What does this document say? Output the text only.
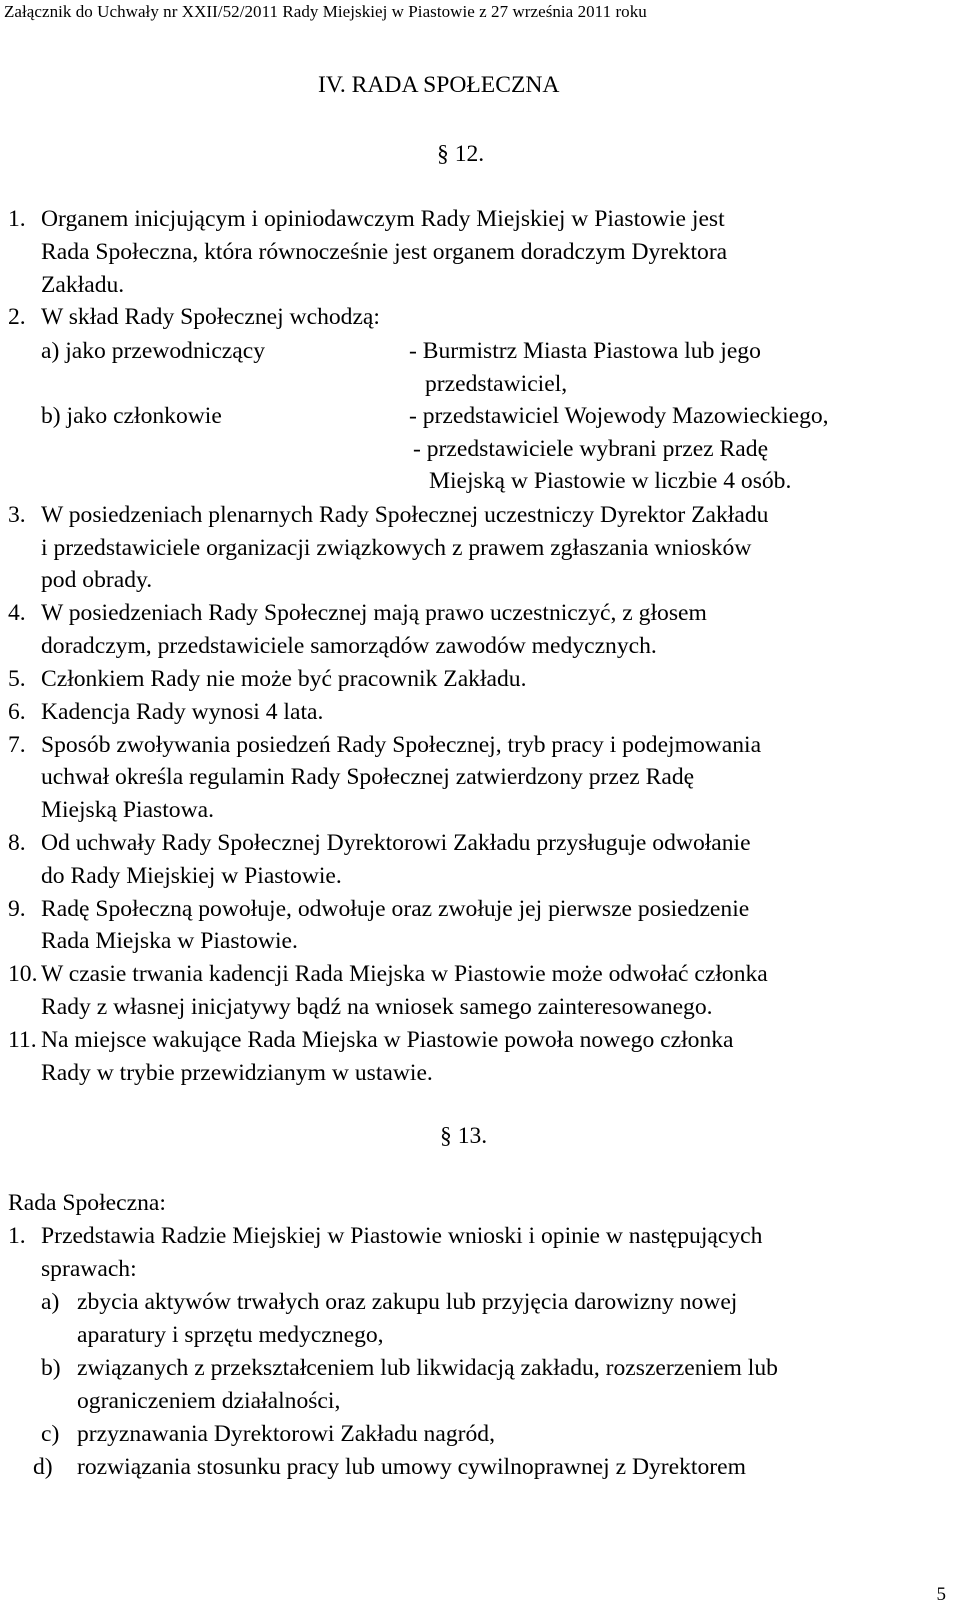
Załącznik do Uchwały nr XXII/52/2011 Rady Miejskiej w Piastowie z 27 września 2011 roku
IV. RADA SPOŁECZNA
§ 12.
1. Organem inicjującym i opiniodawczym Rady Miejskiej w Piastowie jest
Rada Społeczna, która równocześnie jest organem doradczym Dyrektora
Zakładu.
2. W skład Rady Społecznej wchodzą:
a) jako przewodniczący	- Burmistrz Miasta Piastowa lub jego
przedstawiciel,
b) jako członkowie	- przedstawiciel Wojewody Mazowieckiego,
- przedstawiciele wybrani przez Radę
Miejską w Piastowie w liczbie 4 osób.
3. W posiedzeniach plenarnych Rady Społecznej uczestniczy Dyrektor Zakładu
i przedstawiciele organizacji związkowych z prawem zgłaszania wniosków
pod obrady.
4. W posiedzeniach Rady Społecznej mają prawo uczestniczyć, z głosem
doradczym, przedstawiciele samorządów zawodów medycznych.
5. Członkiem Rady nie może być pracownik Zakładu.
6. Kadencja Rady wynosi 4 lata.
7. Sposób zwoływania posiedzeń Rady Społecznej, tryb pracy i podejmowania
uchwał określa regulamin Rady Społecznej zatwierdzony przez Radę
Miejską Piastowa.
8. Od uchwały Rady Społecznej Dyrektorowi Zakładu przysługuje odwołanie
do Rady Miejskiej w Piastowie.
9. Radę Społeczną powołuje, odwołuje oraz zwołuje jej pierwsze posiedzenie
Rada Miejska w Piastowie.
10. W czasie trwania kadencji Rada Miejska w Piastowie może odwołać członka
Rady z własnej inicjatywy bądź na wniosek samego zainteresowanego.
11. Na miejsce wakujące Rada Miejska w Piastowie powoła nowego członka
Rady w trybie przewidzianym w ustawie.
§ 13.
Rada Społeczna:
1. Przedstawia Radzie Miejskiej w Piastowie wnioski i opinie w następujących
sprawach:
a) zbycia aktywów trwałych oraz zakupu lub przyjęcia darowizny nowej
aparatury i sprzętu medycznego,
b) związanych z przekształceniem lub likwidacją zakładu, rozszerzeniem lub
ograniczeniem działalności,
c) przyznawania Dyrektorowi Zakładu nagród,
d) rozwiązania stosunku pracy lub umowy cywilnoprawnej z Dyrektorem
5
